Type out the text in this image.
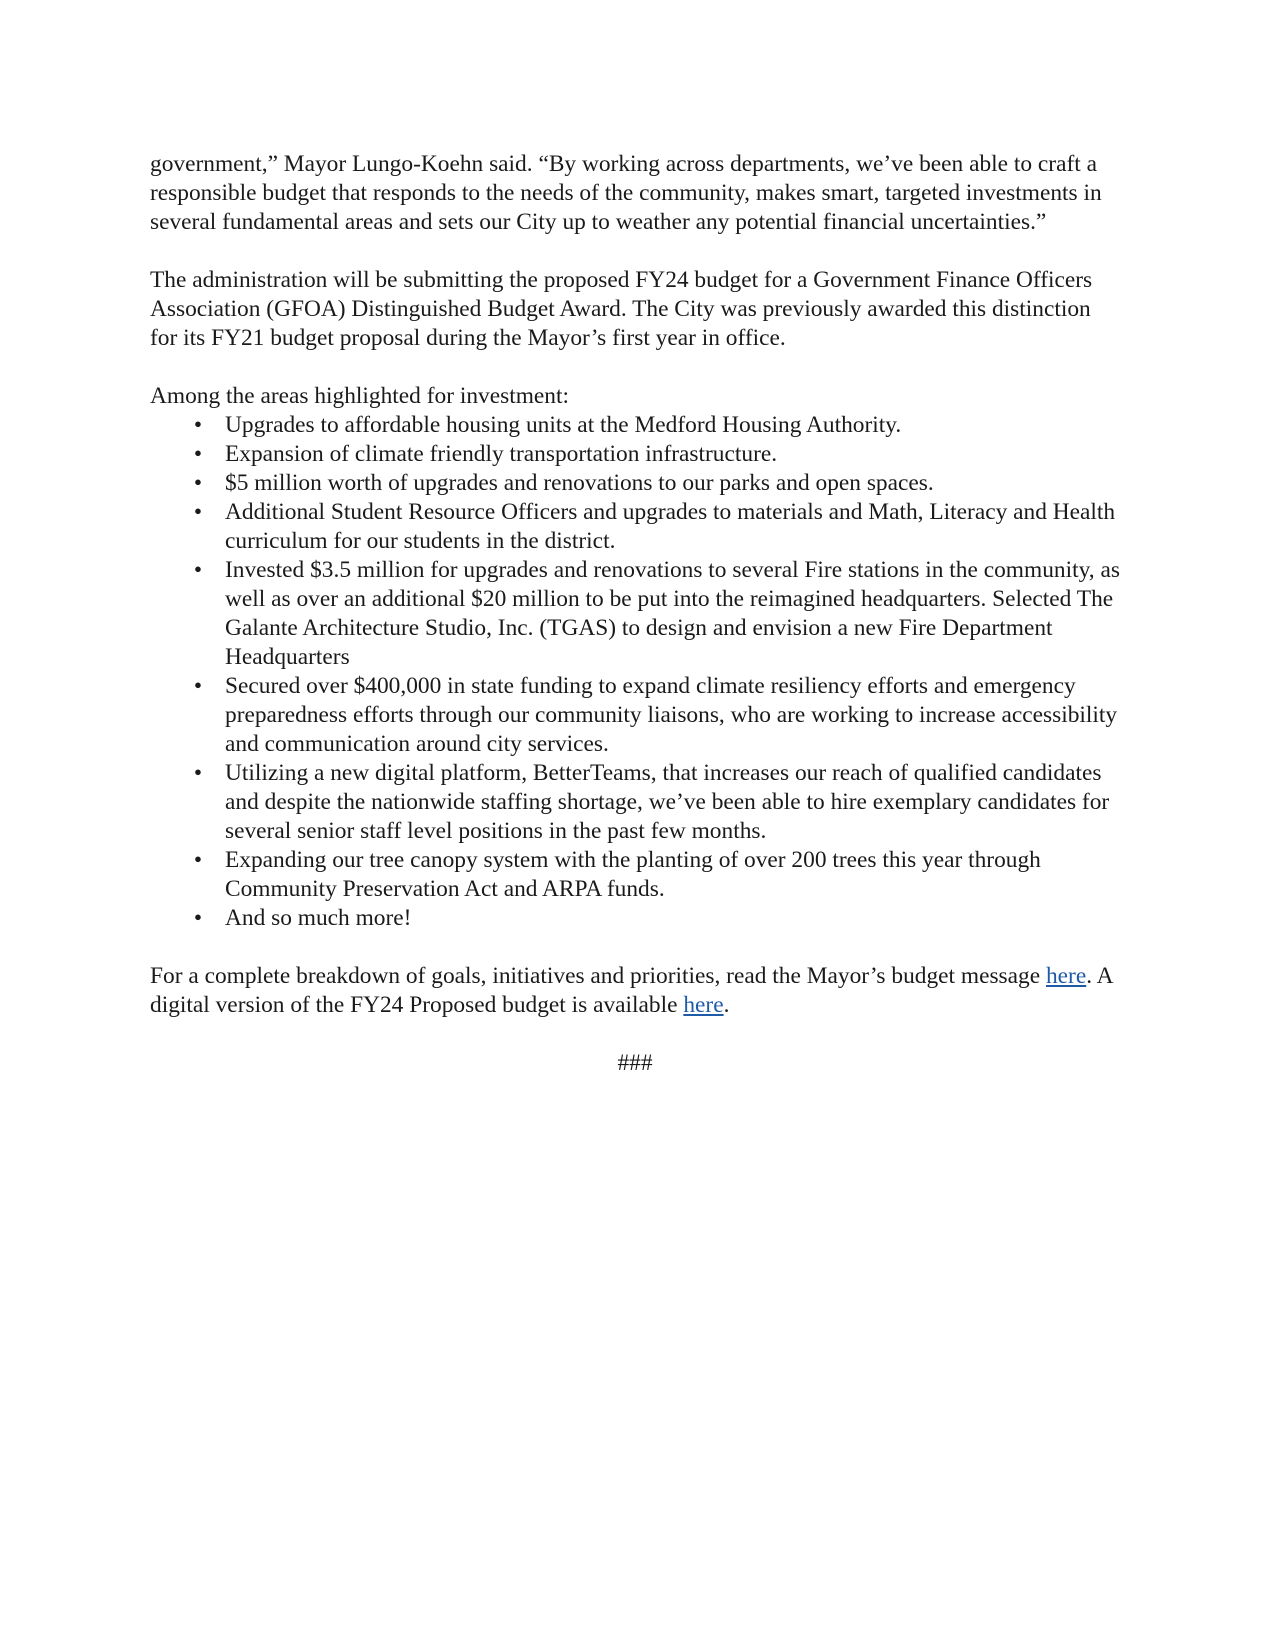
government,” Mayor Lungo-Koehn said. “By working across departments, we’ve been able to craft a responsible budget that responds to the needs of the community, makes smart, targeted investments in several fundamental areas and sets our City up to weather any potential financial uncertainties.”

The administration will be submitting the proposed FY24 budget for a Government Finance Officers Association (GFOA) Distinguished Budget Award. The City was previously awarded this distinction for its FY21 budget proposal during the Mayor’s first year in office.

Among the areas highlighted for investment:

• Upgrades to affordable housing units at the Medford Housing Authority.
• Expansion of climate friendly transportation infrastructure.
• $5 million worth of upgrades and renovations to our parks and open spaces.
• Additional Student Resource Officers and upgrades to materials and Math, Literacy and Health curriculum for our students in the district.
• Invested $3.5 million for upgrades and renovations to several Fire stations in the community, as well as over an additional $20 million to be put into the reimagined headquarters. Selected The Galante Architecture Studio, Inc. (TGAS) to design and envision a new Fire Department Headquarters
• Secured over $400,000 in state funding to expand climate resiliency efforts and emergency preparedness efforts through our community liaisons, who are working to increase accessibility and communication around city services.
• Utilizing a new digital platform, BetterTeams, that increases our reach of qualified candidates and despite the nationwide staffing shortage, we’ve been able to hire exemplary candidates for several senior staff level positions in the past few months.
• Expanding our tree canopy system with the planting of over 200 trees this year through Community Preservation Act and ARPA funds.
• And so much more!

For a complete breakdown of goals, initiatives and priorities, read the Mayor’s budget message here. A digital version of the FY24 Proposed budget is available here.

###
